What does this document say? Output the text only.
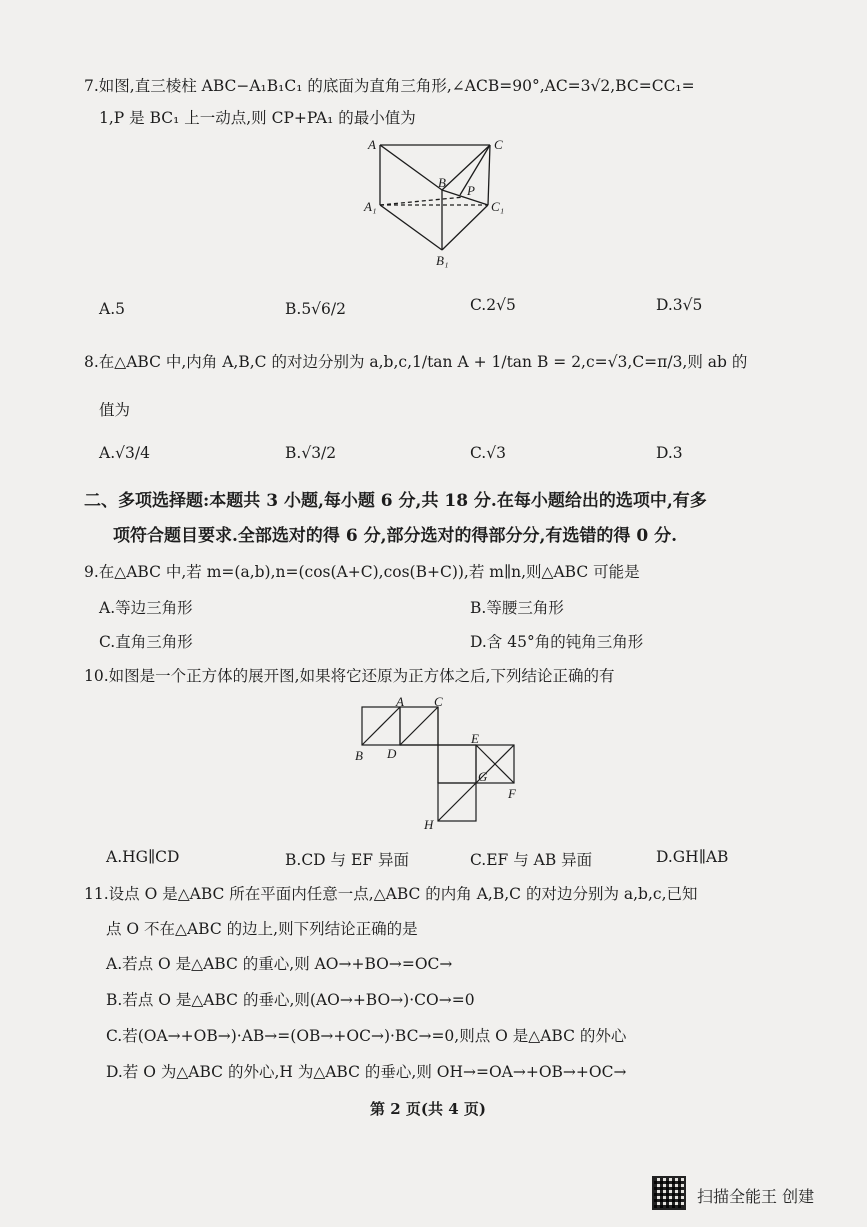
7.如图,直三棱柱 ABC−A₁B₁C₁ 的底面为直角三角形,∠ACB=90°,AC=3√2,BC=CC₁=
1,P 是 BC₁ 上一动点,则 CP+PA₁ 的最小值为
A	C
B
P
A₁	C₁
B₁
A.5	B.5√6/2	C.2√5	D.3√5
8.在△ABC 中,内角 A,B,C 的对边分别为 a,b,c,1/tan A + 1/tan B = 2,c=√3,C=π/3,则 ab 的
值为
A.√3/4	B.√3/2	C.√3	D.3
二、多项选择题:本题共 3 小题,每小题 6 分,共 18 分.在每小题给出的选项中,有多
项符合题目要求.全部选对的得 6 分,部分选对的得部分分,有选错的得 0 分.
9.在△ABC 中,若 m=(a,b),n=(cos(A+C),cos(B+C)),若 m∥n,则△ABC 可能是
A.等边三角形	B.等腰三角形
C.直角三角形	D.含 45°角的钝角三角形
10.如图是一个正方体的展开图,如果将它还原为正方体之后,下列结论正确的有
A C
B D
E
G
F
H
A.HG∥CD	B.CD 与 EF 异面	C.EF 与 AB 异面	D.GH∥AB
11.设点 O 是△ABC 所在平面内任意一点,△ABC 的内角 A,B,C 的对边分别为 a,b,c,已知
点 O 不在△ABC 的边上,则下列结论正确的是
A.若点 O 是△ABC 的重心,则 AO→+BO→=OC→
B.若点 O 是△ABC 的垂心,则(AO→+BO→)·CO→=0
C.若(OA→+OB→)·AB→=(OB→+OC→)·BC→=0,则点 O 是△ABC 的外心
D.若 O 为△ABC 的外心,H 为△ABC 的垂心,则 OH→=OA→+OB→+OC→
第 2 页(共 4 页)
扫描全能王 创建
